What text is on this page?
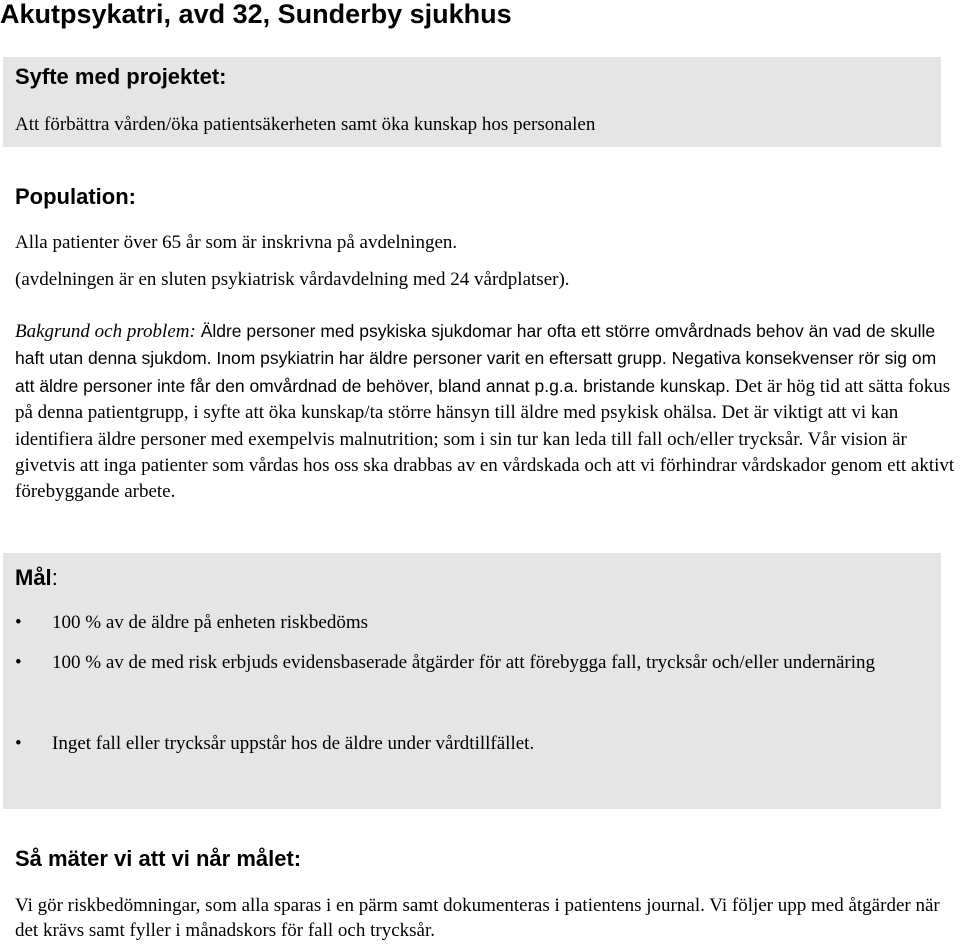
Akutpsykatri, avd 32, Sunderby sjukhus
Syfte med projektet:
Att förbättra vården/öka patientsäkerheten samt öka kunskap hos personalen
Population:
Alla patienter över 65 år som är inskrivna på avdelningen.
(avdelningen är en sluten psykiatrisk vårdavdelning med 24 vårdplatser).
Bakgrund och problem: Äldre personer med psykiska sjukdomar har ofta ett större omvårdnads behov än vad de skulle haft utan denna sjukdom. Inom psykiatrin har äldre personer varit en eftersatt grupp. Negativa konsekvenser rör sig om att äldre personer inte får den omvårdnad de behöver, bland annat p.g.a. bristande kunskap. Det är hög tid att sätta fokus på denna patientgrupp, i syfte att öka kunskap/ta större hänsyn till äldre med psykisk ohälsa. Det är viktigt att vi kan identifiera äldre personer med exempelvis malnutrition; som i sin tur kan leda till fall och/eller trycksår. Vår vision är givetvis att inga patienter som vårdas hos oss ska drabbas av en vårdskada och att vi förhindrar vårdskador genom ett aktivt förebyggande arbete.
Mål:
•	100 % av de äldre på enheten riskbedöms
•	100 % av de med risk erbjuds evidensbaserade åtgärder för att förebygga fall, trycksår och/eller undernäring
•	Inget fall eller trycksår uppstår hos de äldre under vårdtillfället.
Så mäter vi att vi når målet:
Vi gör riskbedömningar, som alla sparas i en pärm samt dokumenteras i patientens journal. Vi följer upp med åtgärder när det krävs samt fyller i månadskors för fall och trycksår.
